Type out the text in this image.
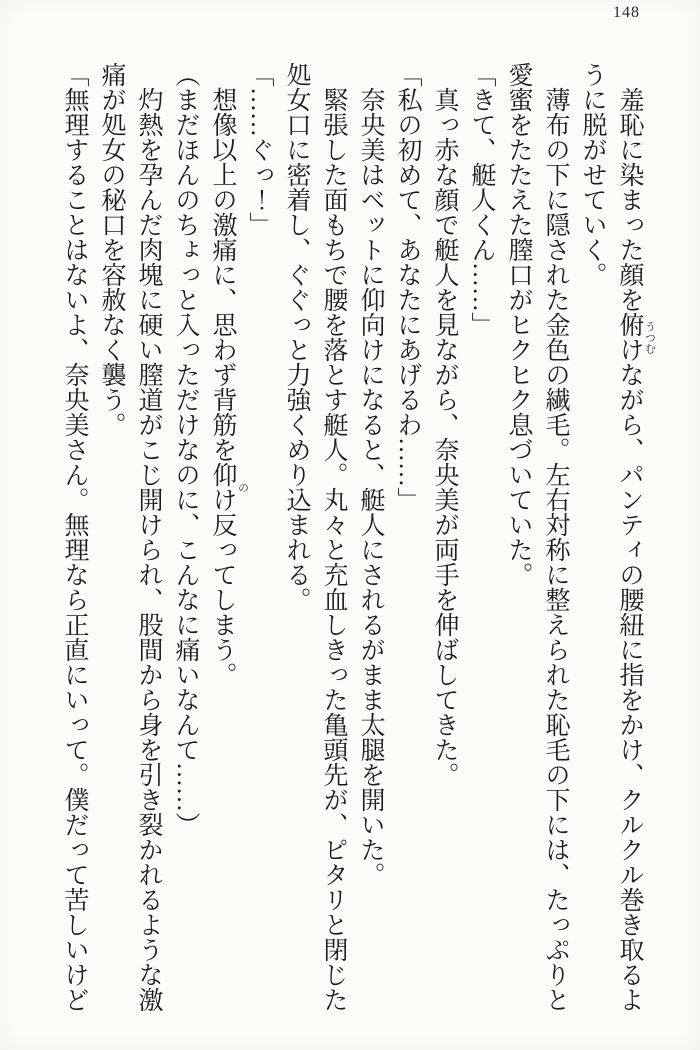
148

羞恥に染まった顔を俯 うつむ
けながら、パンティの腰紐に指をかけ、クルクル巻き取るように脱がせていく。

薄布の下に隠された金色の繊毛。左右対称に整えられた恥毛の下には、たっぷりと愛蜜をたたえた膣口がヒクヒク息づいていた。

「きて、艇人くん……」

真っ赤な顔で艇人を見ながら、奈央美が両手を伸ばしてきた。

「私の初めて、あなたにあげるわ……」

奈央美はベットに仰向けになると、艇人にされるがまま太腿を開いた。

緊張した面もちで腰を落とす艇人。丸々と充血しきった亀頭先が、ピタリと閉じた処女口に密着し、ぐぐっと力強くめり込まれる。

「……ぐっ！」

想像以上の激痛に、思わず背筋を仰 の
け反ってしまう。

（まだほんのちょっと入っただけなのに、こんなに痛いなんて……）

灼熱を孕んだ肉塊に硬い膣道がこじ開けられ、股間から身を引き裂かれるような激痛が処女の秘口を容赦なく襲う。

「無理することはないよ、奈央美さん。無理なら正直にいって。僕だって苦しいけど
